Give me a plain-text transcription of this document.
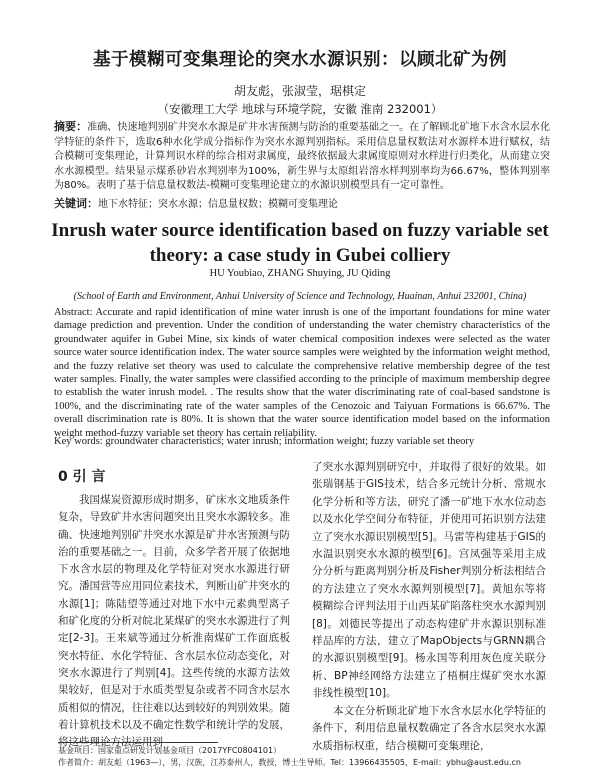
基于模糊可变集理论的突水水源识别：以顾北矿为例
胡友彪，张淑莹，琚棋定
（安徽理工大学 地球与环境学院，安徽 淮南 232001）
摘要：准确、快速地判别矿井突水水源是矿井水害预测与防治的重要基础之一。在了解顾北矿地下水含水层水化学特征的条件下，选取6种水化学成分指标作为突水水源判别指标。采用信息量权数法对水源样本进行赋权，结合模糊可变集理论，计算判识水样的综合相对隶属度，最终依据最大隶属度原则对水样进行归类化，从而建立突水水源模型。结果显示煤系砂岩水判别率为100%，新生界与太原组岩溶水样判别率均为66.67%，整体判别率为80%。表明了基于信息量权数法-模糊可变集理论建立的水源识别模型具有一定可靠性。
关键词：地下水特征；突水水源；信息量权数；模糊可变集理论
Inrush water source identification based on fuzzy variable set theory: a case study in Gubei colliery
HU Youbiao, ZHANG Shuying, JU Qiding
(School of Earth and Environment, Anhui University of Science and Technology, Huainan, Anhui 232001, China)
Abstract: Accurate and rapid identification of mine water inrush is one of the important foundations for mine water damage prediction and prevention. Under the condition of understanding the water chemistry characteristics of the groundwater aquifer in Gubei Mine, six kinds of water chemical composition indexes were selected as the water source water source identification index. The water source samples were weighted by the information weight method, and the fuzzy relative set theory was used to calculate the comprehensive relative membership degree of the test water samples. Finally, the water samples were classified according to the principle of maximum membership degree to establish the water inrush model. . The results show that the water discriminating rate of coal-based sandstone is 100%, and the discriminating rate of the water samples of the Cenozoic and Taiyuan Formations is 66.67%. The overall discrimination rate is 80%. It is shown that the water source identification model based on the information weight method-fuzzy variable set theory has certain reliability.
Key words: groundwater characteristics; water inrush; information weight; fuzzy variable set theory
0 引 言

我国煤炭资源形成时期多，矿床水文地质条件复杂，导致矿井水害问题突出且突水水源较多。准确、快速地判别矿井突水水源是矿井水害预测与防治的重要基础之一。目前，众多学者开展了依据地下水含水层的物理及化学特征对突水水源进行研究。潘国营等应用同位素技术，判断山矿井突水的水源[1]；陈陆望等通过对地下水中元素典型离子和矿化度的分析对皖北某煤矿的突水水源进行了判定[2-3]。王来斌等通过分析淮南煤矿工作面底板突水特征、水化学特征、含水层水位动态变化，对突水水源进行了判别[4]。这些传统的水源方法效果较好，但是对于水质类型复杂或者不同含水层水质相似的情况，往往难以达到较好的判别效果。随着计算机技术以及不确定性数学和统计学的发展，将这些理论方法运用到

了突水水源判别研究中，并取得了很好的效果。如张瑞钢基于GIS技术，结合多元统计分析、常规水化学分析和等方法，研究了潘一矿地下水水位动态以及水化学空间分布特征，并使用可拓识别方法建立了突水水源识别模型[5]。马雷等构建基于GIS的水温识别突水水源的模型[6]。宫凤强等采用主成分分析与距离判别分析及Fisher判别分析法相结合的方法建立了突水水源判别模型[7]。黄旭东等将模糊综合评判法用于山西某矿陷落柱突水水源判别[8]。刘德民等提出了动态构建矿井水源识别标准样品库的方法，建立了MapObjects与GRNN耦合的水源识别模型[9]。杨永国等利用灰色度关联分析、BP神经网络方法建立了梧桐庄煤矿突水水源非线性模型[10]。

本文在分析顾北矿地下水含水层水化学特征的条件下，利用信息量权数确定了各含水层突水水源水质指标权重，结合模糊可变集理论，

基金项目：国家重点研发计划基金项目（2017YFC0804101）
作者简介：胡友彪（1963—），男，汉族，江苏泰州人，教授，博士生导师。Tel：13966435505，E-mail：ybhu@aust.edu.cn
